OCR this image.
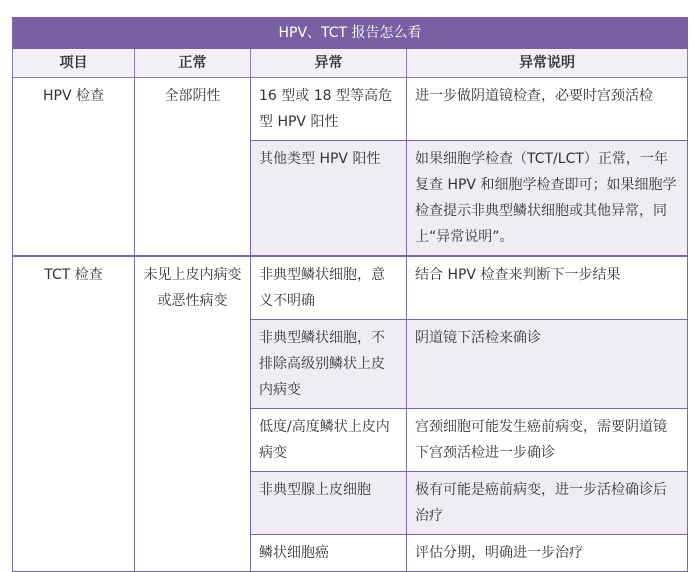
HPV、TCT 报告怎么看			
项目	正常	异常	异常说明
HPV 检查	全部阴性	16 型或 18 型等高危型 HPV 阳性	进一步做阴道镜检查，必要时宫颈活检
		其他类型 HPV 阳性	如果细胞学检查（TCT/LCT）正常，一年复查 HPV 和细胞学检查即可；如果细胞学检查提示非典型鳞状细胞或其他异常，同上“异常说明”。
TCT 检查	未见上皮内病变或恶性病变	非典型鳞状细胞，意义不明确	结合 HPV 检查来判断下一步结果
		非典型鳞状细胞，不排除高级别鳞状上皮内病变	阴道镜下活检来确诊
		低度/高度鳞状上皮内病变	宫颈细胞可能发生癌前病变，需要阴道镜下宫颈活检进一步确诊
		非典型腺上皮细胞	极有可能是癌前病变，进一步活检确诊后治疗
		鳞状细胞癌	评估分期，明确进一步治疗
